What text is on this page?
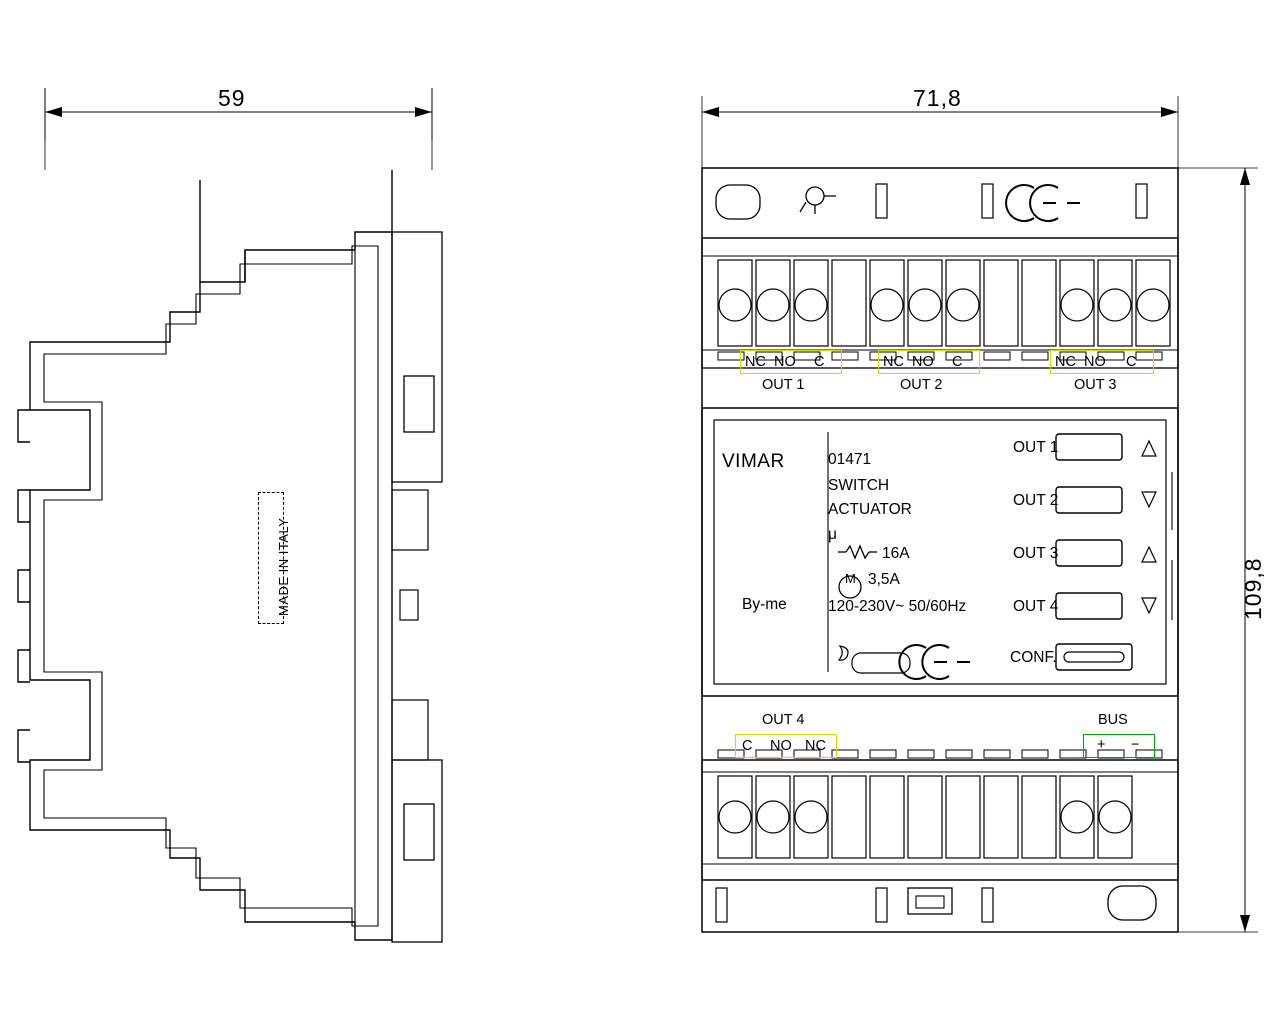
59
MADE IN ITALY
71,8
109,8
NC NO C
OUT 1
NC NO C
OUT 2
NC NO C
OUT 3
VIMAR
By-me
01471
SWITCH
ACTUATOR
μ
16A
M 3,5A
120-230V~ 50/60Hz
OUT 1
OUT 2
OUT 3
OUT 4
CONF.
OUT 4
C NO NC
BUS
+ −
